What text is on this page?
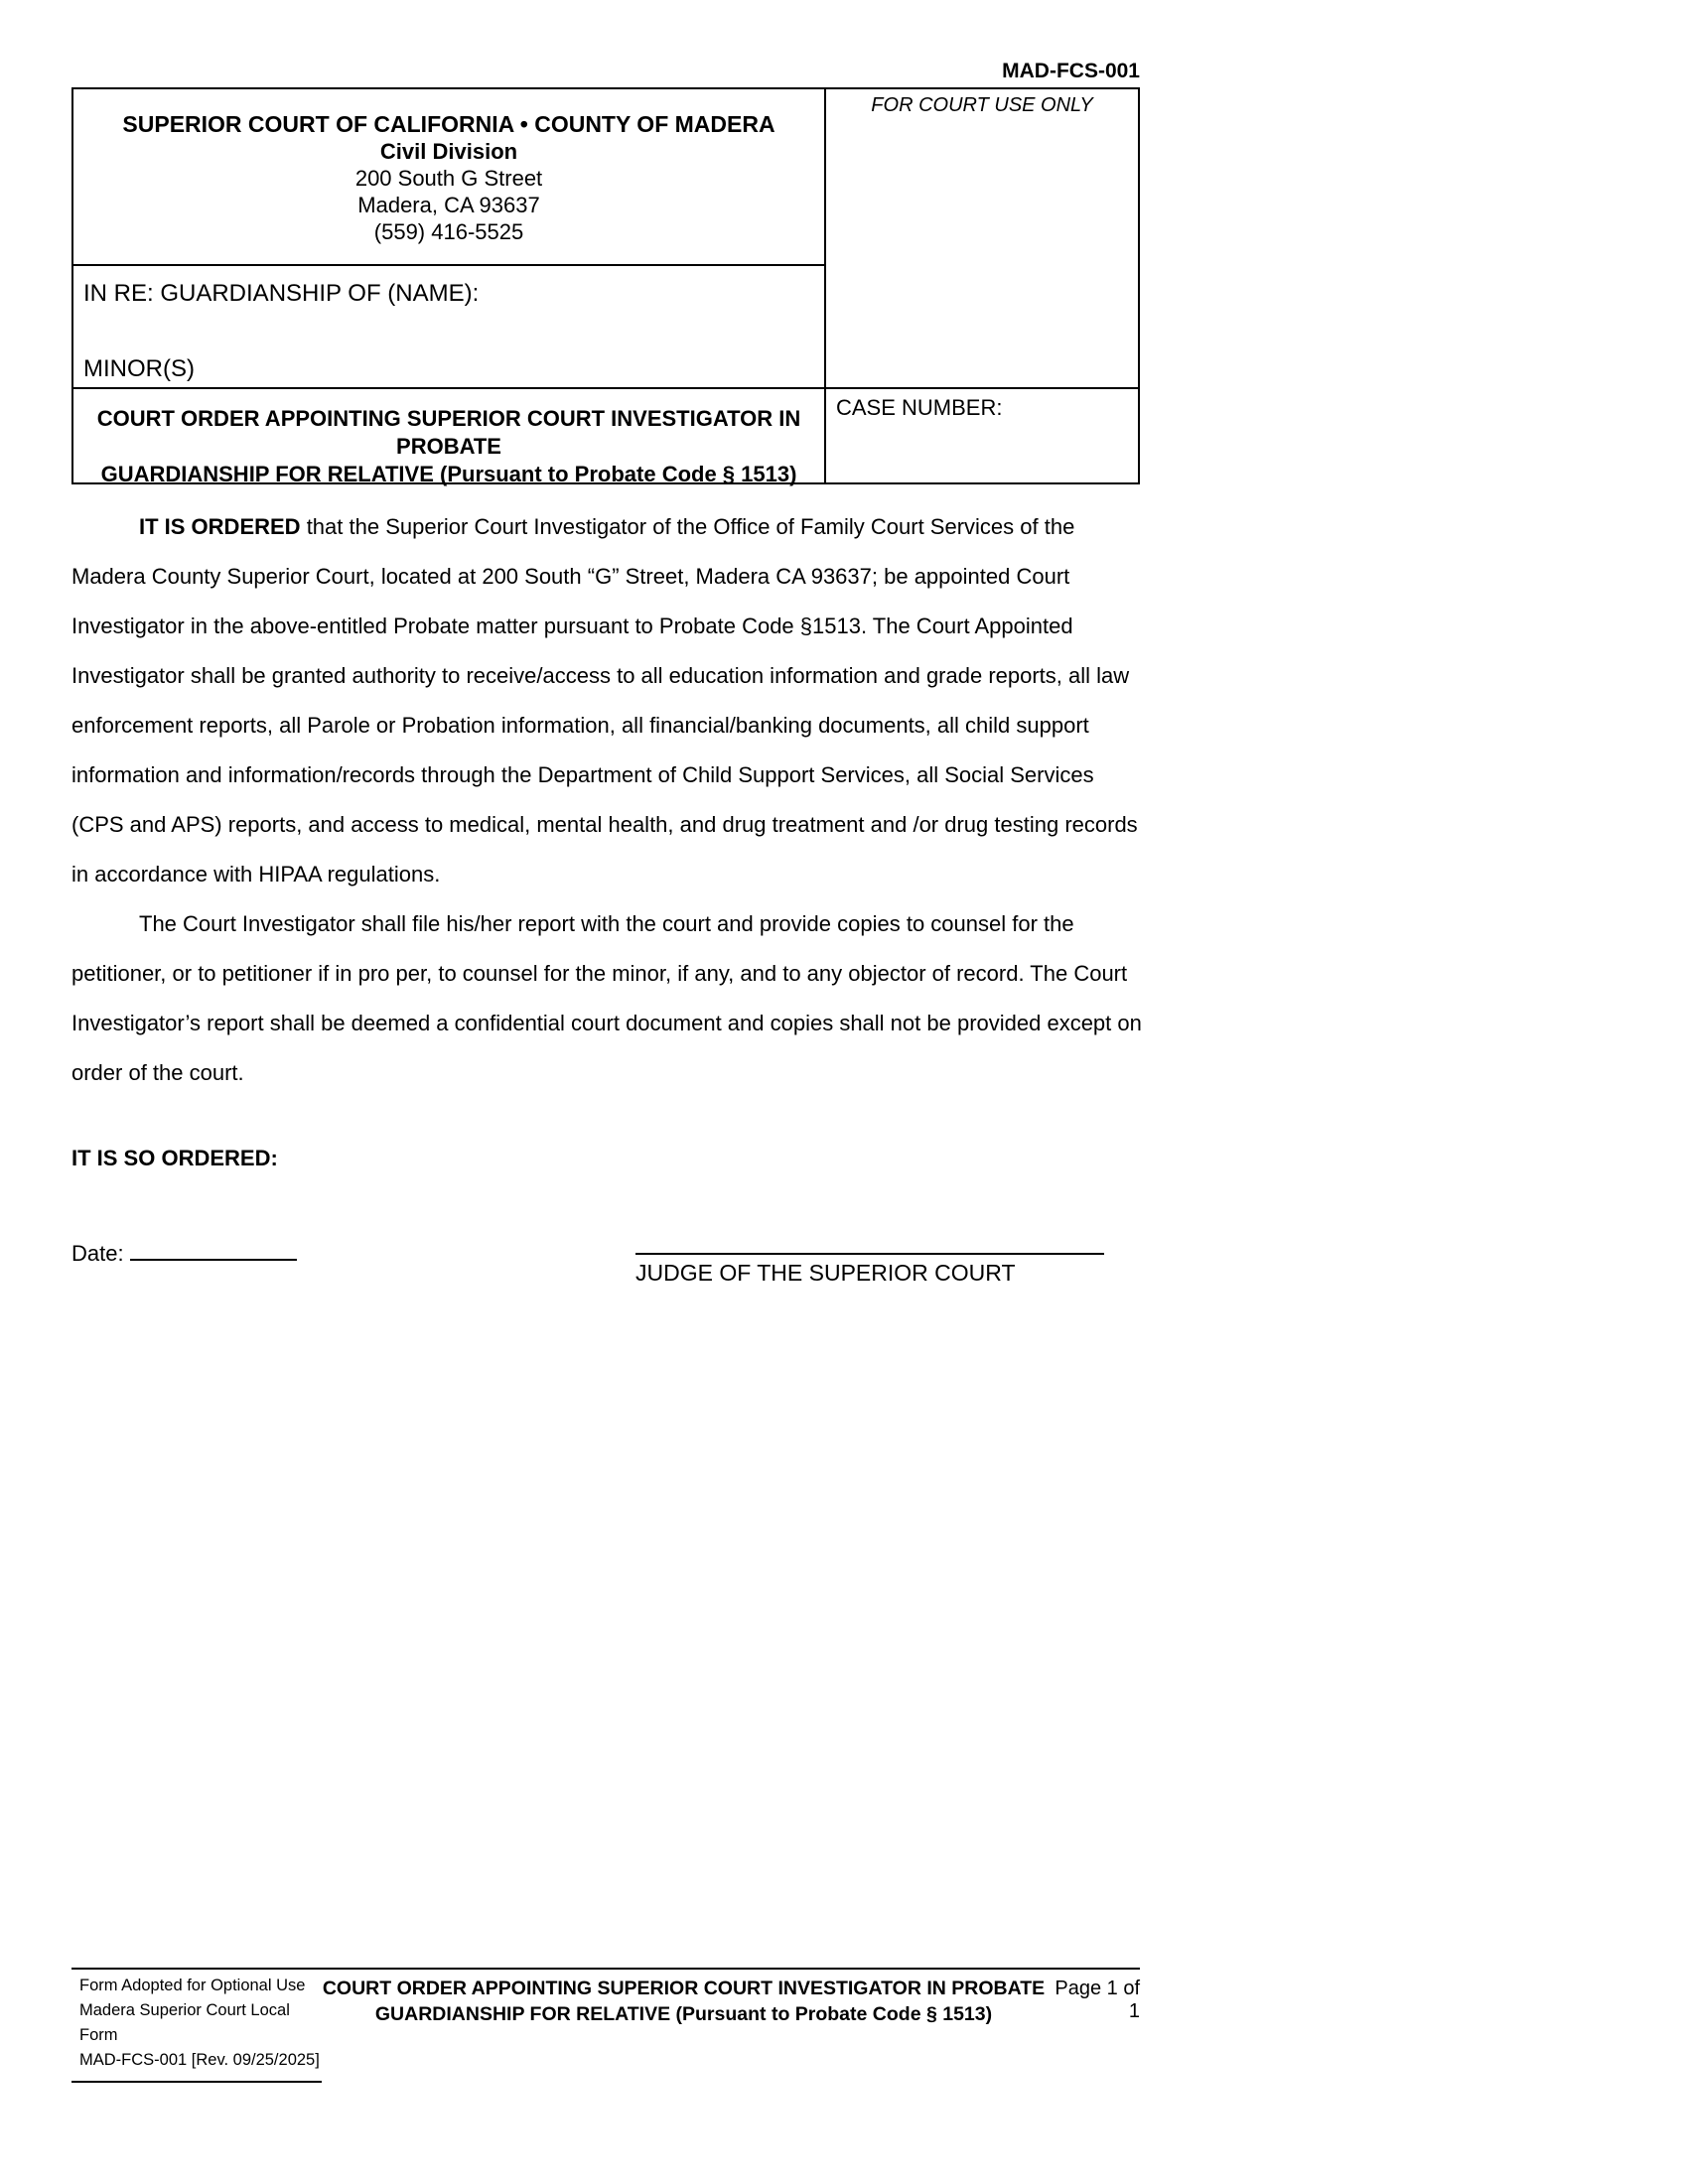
MAD-FCS-001
SUPERIOR COURT OF CALIFORNIA • COUNTY OF MADERA
Civil Division
200 South G Street
Madera, CA 93637
(559) 416-5525
FOR COURT USE ONLY
IN RE: GUARDIANSHIP OF (NAME):
MINOR(S)
COURT ORDER APPOINTING SUPERIOR COURT INVESTIGATOR IN PROBATE
GUARDIANSHIP FOR RELATIVE (Pursuant to Probate Code § 1513)
CASE NUMBER:

IT IS ORDERED that the Superior Court Investigator of the Office of Family Court Services of the Madera County Superior Court, located at 200 South “G” Street, Madera CA 93637; be appointed Court Investigator in the above-entitled Probate matter pursuant to Probate Code §1513. The Court Appointed Investigator shall be granted authority to receive/access to all education information and grade reports, all law enforcement reports, all Parole or Probation information, all financial/banking documents, all child support information and information/records through the Department of Child Support Services, all Social Services (CPS and APS) reports, and access to medical, mental health, and drug treatment and /or drug testing records in accordance with HIPAA regulations.

The Court Investigator shall file his/her report with the court and provide copies to counsel for the petitioner, or to petitioner if in pro per, to counsel for the minor, if any, and to any objector of record. The Court Investigator’s report shall be deemed a confidential court document and copies shall not be provided except on order of the court.

IT IS SO ORDERED:

Date:
JUDGE OF THE SUPERIOR COURT
Form Adopted for Optional Use
Madera Superior Court Local Form
MAD-FCS-001 [Rev. 09/25/2025]
COURT ORDER APPOINTING SUPERIOR COURT INVESTIGATOR IN PROBATE
GUARDIANSHIP FOR RELATIVE (Pursuant to Probate Code § 1513)
Page 1 of 1
